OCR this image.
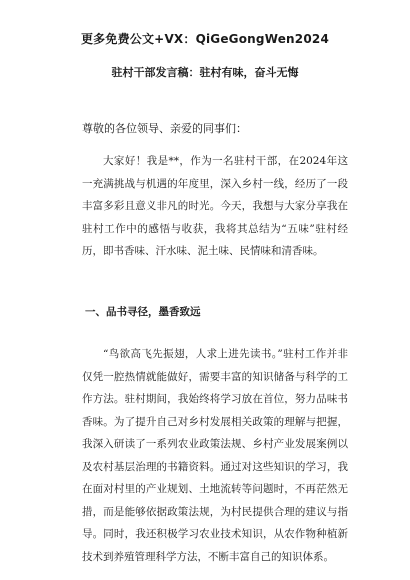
更多免费公文+VX：QiGeGongWen2024
驻村干部发言稿：驻村有味，奋斗无悔
尊敬的各位领导、亲爱的同事们：

大家好！我是**，作为一名驻村干部，在2024年这一充满挑战与机遇的年度里，深入乡村一线，经历了一段丰富多彩且意义非凡的时光。今天，我想与大家分享我在驻村工作中的感悟与收获，我将其总结为“五味”驻村经历，即书香味、汗水味、泥土味、民情味和清香味。

一、品书寻径，墨香致远

“鸟欲高飞先振翅，人求上进先读书。”驻村工作并非仅凭一腔热情就能做好，需要丰富的知识储备与科学的工作方法。驻村期间，我始终将学习放在首位，努力品味书香味。为了提升自己对乡村发展相关政策的理解与把握，我深入研读了一系列农业政策法规、乡村产业发展案例以及农村基层治理的书籍资料。通过对这些知识的学习，我在面对村里的产业规划、土地流转等问题时，不再茫然无措，而是能够依据政策法规，为村民提供合理的建议与指导。同时，我还积极学习农业技术知识，从农作物种植新技术到养殖管理科学方法，不断丰富自己的知识体系。
